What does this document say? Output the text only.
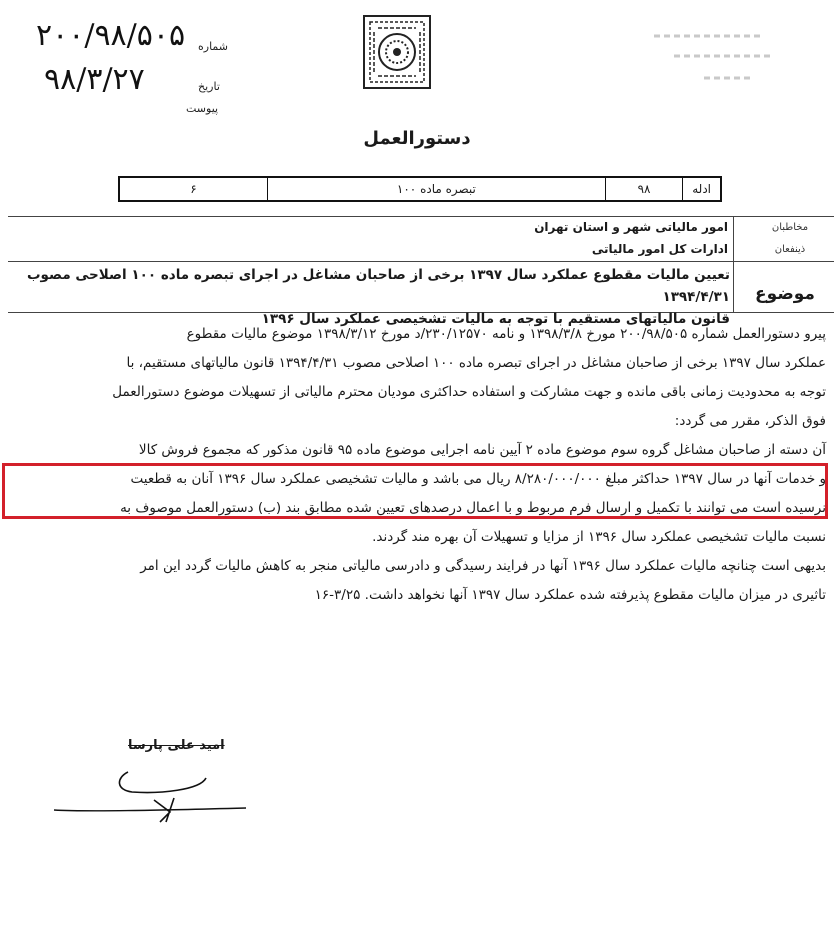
۲۰۰/۹۸/۵۰۵ شماره
۹۸/۳/۲۷	تاریخ
پیوست
دستورالعمل
ادله
۹۸
تبصره ماده ۱۰۰
۶
مخاطبان
امور مالیاتی شهر و استان تهران
ذینفعان
ادارات کل امور مالیاتی
تعیین مالیات مقطوع عملکرد سال ۱۳۹۷ برخی از صاحبان مشاغل در اجرای تبصره ماده ۱۰۰ اصلاحی مصوب ۱۳۹۴/۴/۳۱
قانون مالیاتهای مستقیم با توجه به مالیات تشخیصی عملکرد سال ۱۳۹۶
موضوع

پیرو دستورالعمل شماره ۲۰۰/۹۸/۵۰۵ مورخ ۱۳۹۸/۳/۸ و نامه ۲۳۰/۱۲۵۷۰/د مورخ ۱۳۹۸/۳/۱۲ موضوع مالیات مقطوع

عملکرد سال ۱۳۹۷ برخی از صاحبان مشاغل در اجرای تبصره ماده ۱۰۰ اصلاحی مصوب ۱۳۹۴/۴/۳۱ قانون مالیاتهای مستقیم، با

توجه به محدودیت زمانی باقی مانده و جهت مشارکت و استفاده حداکثری مودیان محترم مالیاتی از تسهیلات موضوع دستورالعمل

فوق الذکر، مقرر می گردد:

آن دسته از صاحبان مشاغل گروه سوم موضوع ماده ۲ آیین نامه اجرایی موضوع ماده ۹۵ قانون مذکور که مجموع فروش کالا

و خدمات آنها در سال ۱۳۹۷ حداکثر مبلغ ۸/۲۸۰/۰۰۰/۰۰۰ ریال می باشد و مالیات تشخیصی عملکرد سال ۱۳۹۶ آنان به قطعیت

نرسیده است می توانند با تکمیل و ارسال فرم مربوط و با اعمال درصدهای تعیین شده مطابق بند (ب) دستورالعمل موصوف به

نسبت مالیات تشخیصی عملکرد سال ۱۳۹۶ از مزایا و تسهیلات آن بهره مند گردند.

بدیهی است چنانچه مالیات عملکرد سال ۱۳۹۶ آنها در فرایند رسیدگی و دادرسی مالیاتی منجر به کاهش مالیات گردد این امر

تاثیری در میزان مالیات مقطوع پذیرفته شده عملکرد سال ۱۳۹۷ آنها نخواهد داشت. ۳/۲۵-۱۶

امید علی پارسا
